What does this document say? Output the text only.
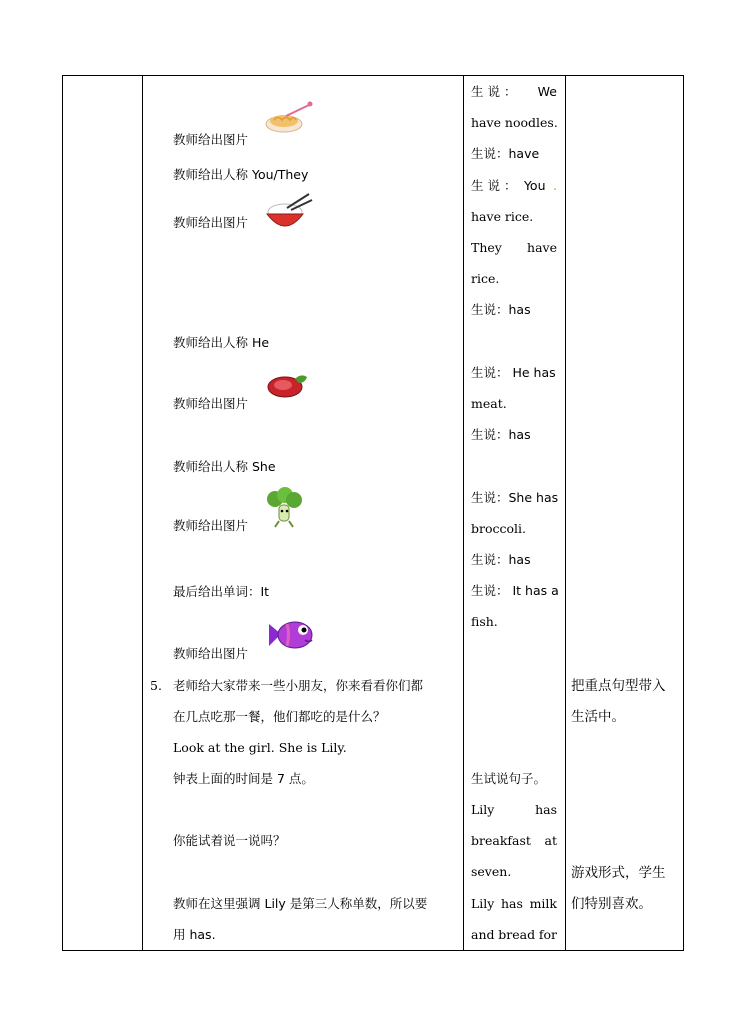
教师给出图片
教师给出人称 You/They
教师给出图片
教师给出人称 He
教师给出图片
教师给出人称 She
教师给出图片
最后给出单词：It
教师给出图片
5. 老师给大家带来一些小朋友，你来看看你们都
在几点吃那一餐，他们都吃的是什么？
Look at the girl. She is Lily.
钟表上面的时间是 7 点。
你能试着说一说吗？
教师在这里强调 Lily 是第三人称单数，所以要
用 has.

生 说 ： We
have noodles.
生说：have
生 说 ： You .
have rice.
They have
rice.
生说：has
生说： He has
meat.
生说：has
生说：She has
broccoli.
生说：has
生说： It has a
fish.
生试说句子。
Lily	has
breakfast at
seven.
Lily has milk
and bread for

把重点句型带入
生活中。
游戏形式，学生
们特别喜欢。
